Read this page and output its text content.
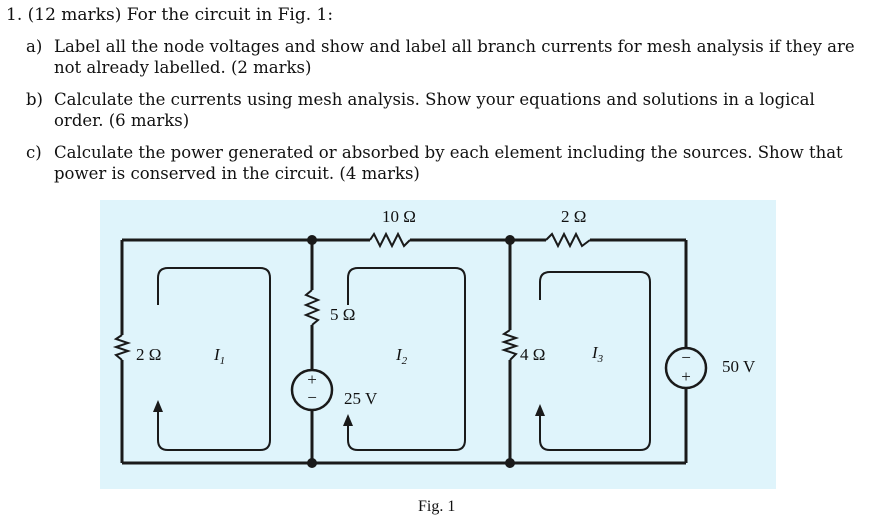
1. (12 marks) For the circuit in Fig. 1:
a) Label all the node voltages and show and label all branch currents for mesh analysis if they are not already labelled. (2 marks)
b) Calculate the currents using mesh analysis. Show your equations and solutions in a logical order. (6 marks)
c) Calculate the power generated or absorbed by each element including the sources. Show that power is conserved in the circuit. (4 marks)
+
−
−
+
10 Ω	2 Ω
2 Ω
5 Ω
4 Ω
25 V
50 V
$I_1$	$I_2$	$I_3$
Fig. 1
